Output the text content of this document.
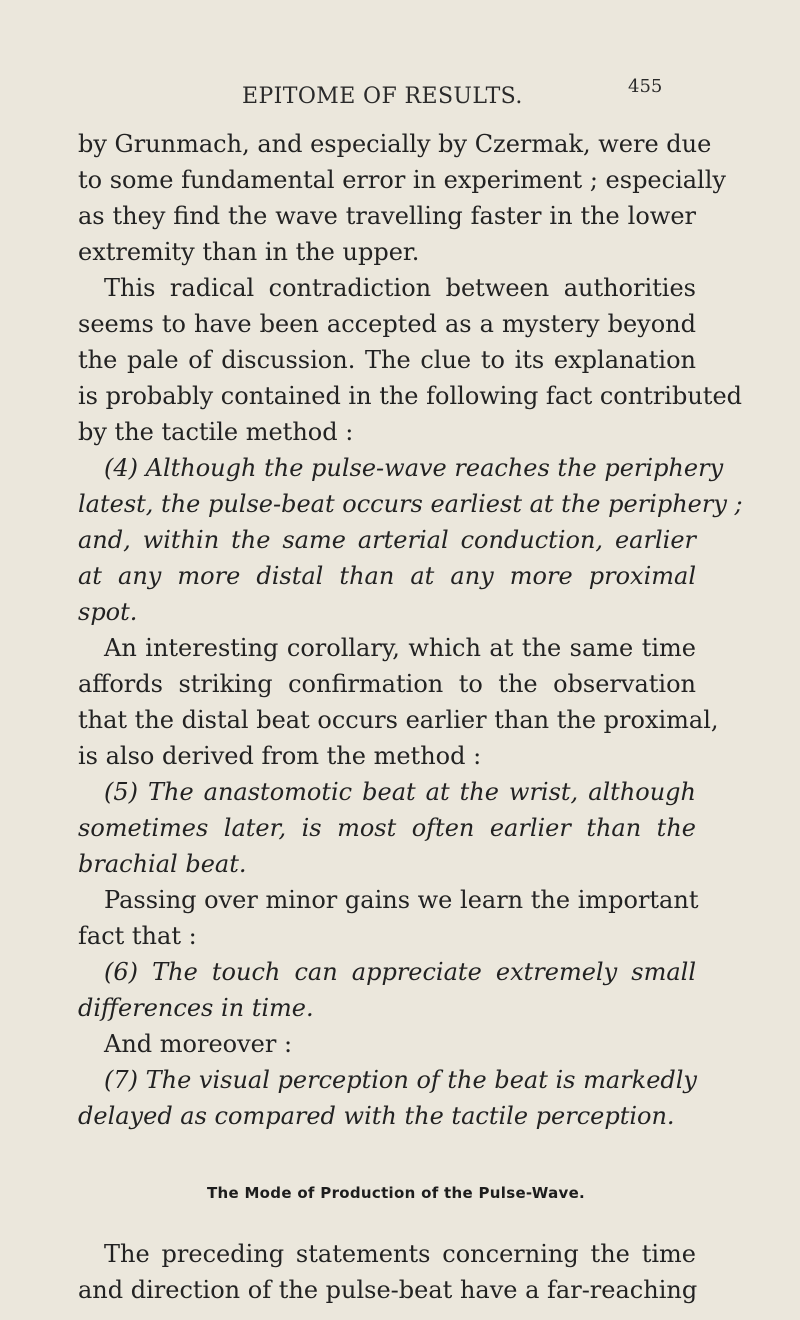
EPITOME OF RESULTS.	455
by Grunmach, and especially by Czermak, were due
to some fundamental error in experiment ; especially
as they find the wave travelling faster in the lower
extremity than in the upper.
This radical contradiction between authorities
seems to have been accepted as a mystery beyond
the pale of discussion. The clue to its explanation
is probably contained in the following fact contributed
by the tactile method :
(4) Although the pulse-wave reaches the periphery
latest, the pulse-beat occurs earliest at the periphery ;
and, within the same arterial conduction, earlier
at any more distal than at any more proximal
spot.
An interesting corollary, which at the same time
affords striking confirmation to the observation
that the distal beat occurs earlier than the proximal,
is also derived from the method :
(5) The anastomotic beat at the wrist, although
sometimes later, is most often earlier than the
brachial beat.
Passing over minor gains we learn the important
fact that :
(6) The touch can appreciate extremely small
differences in time.
And moreover :
(7) The visual perception of the beat is markedly
delayed as compared with the tactile perception.
The Mode of Production of the Pulse-Wave.
The preceding statements concerning the time
and direction of the pulse-beat have a far-reaching
